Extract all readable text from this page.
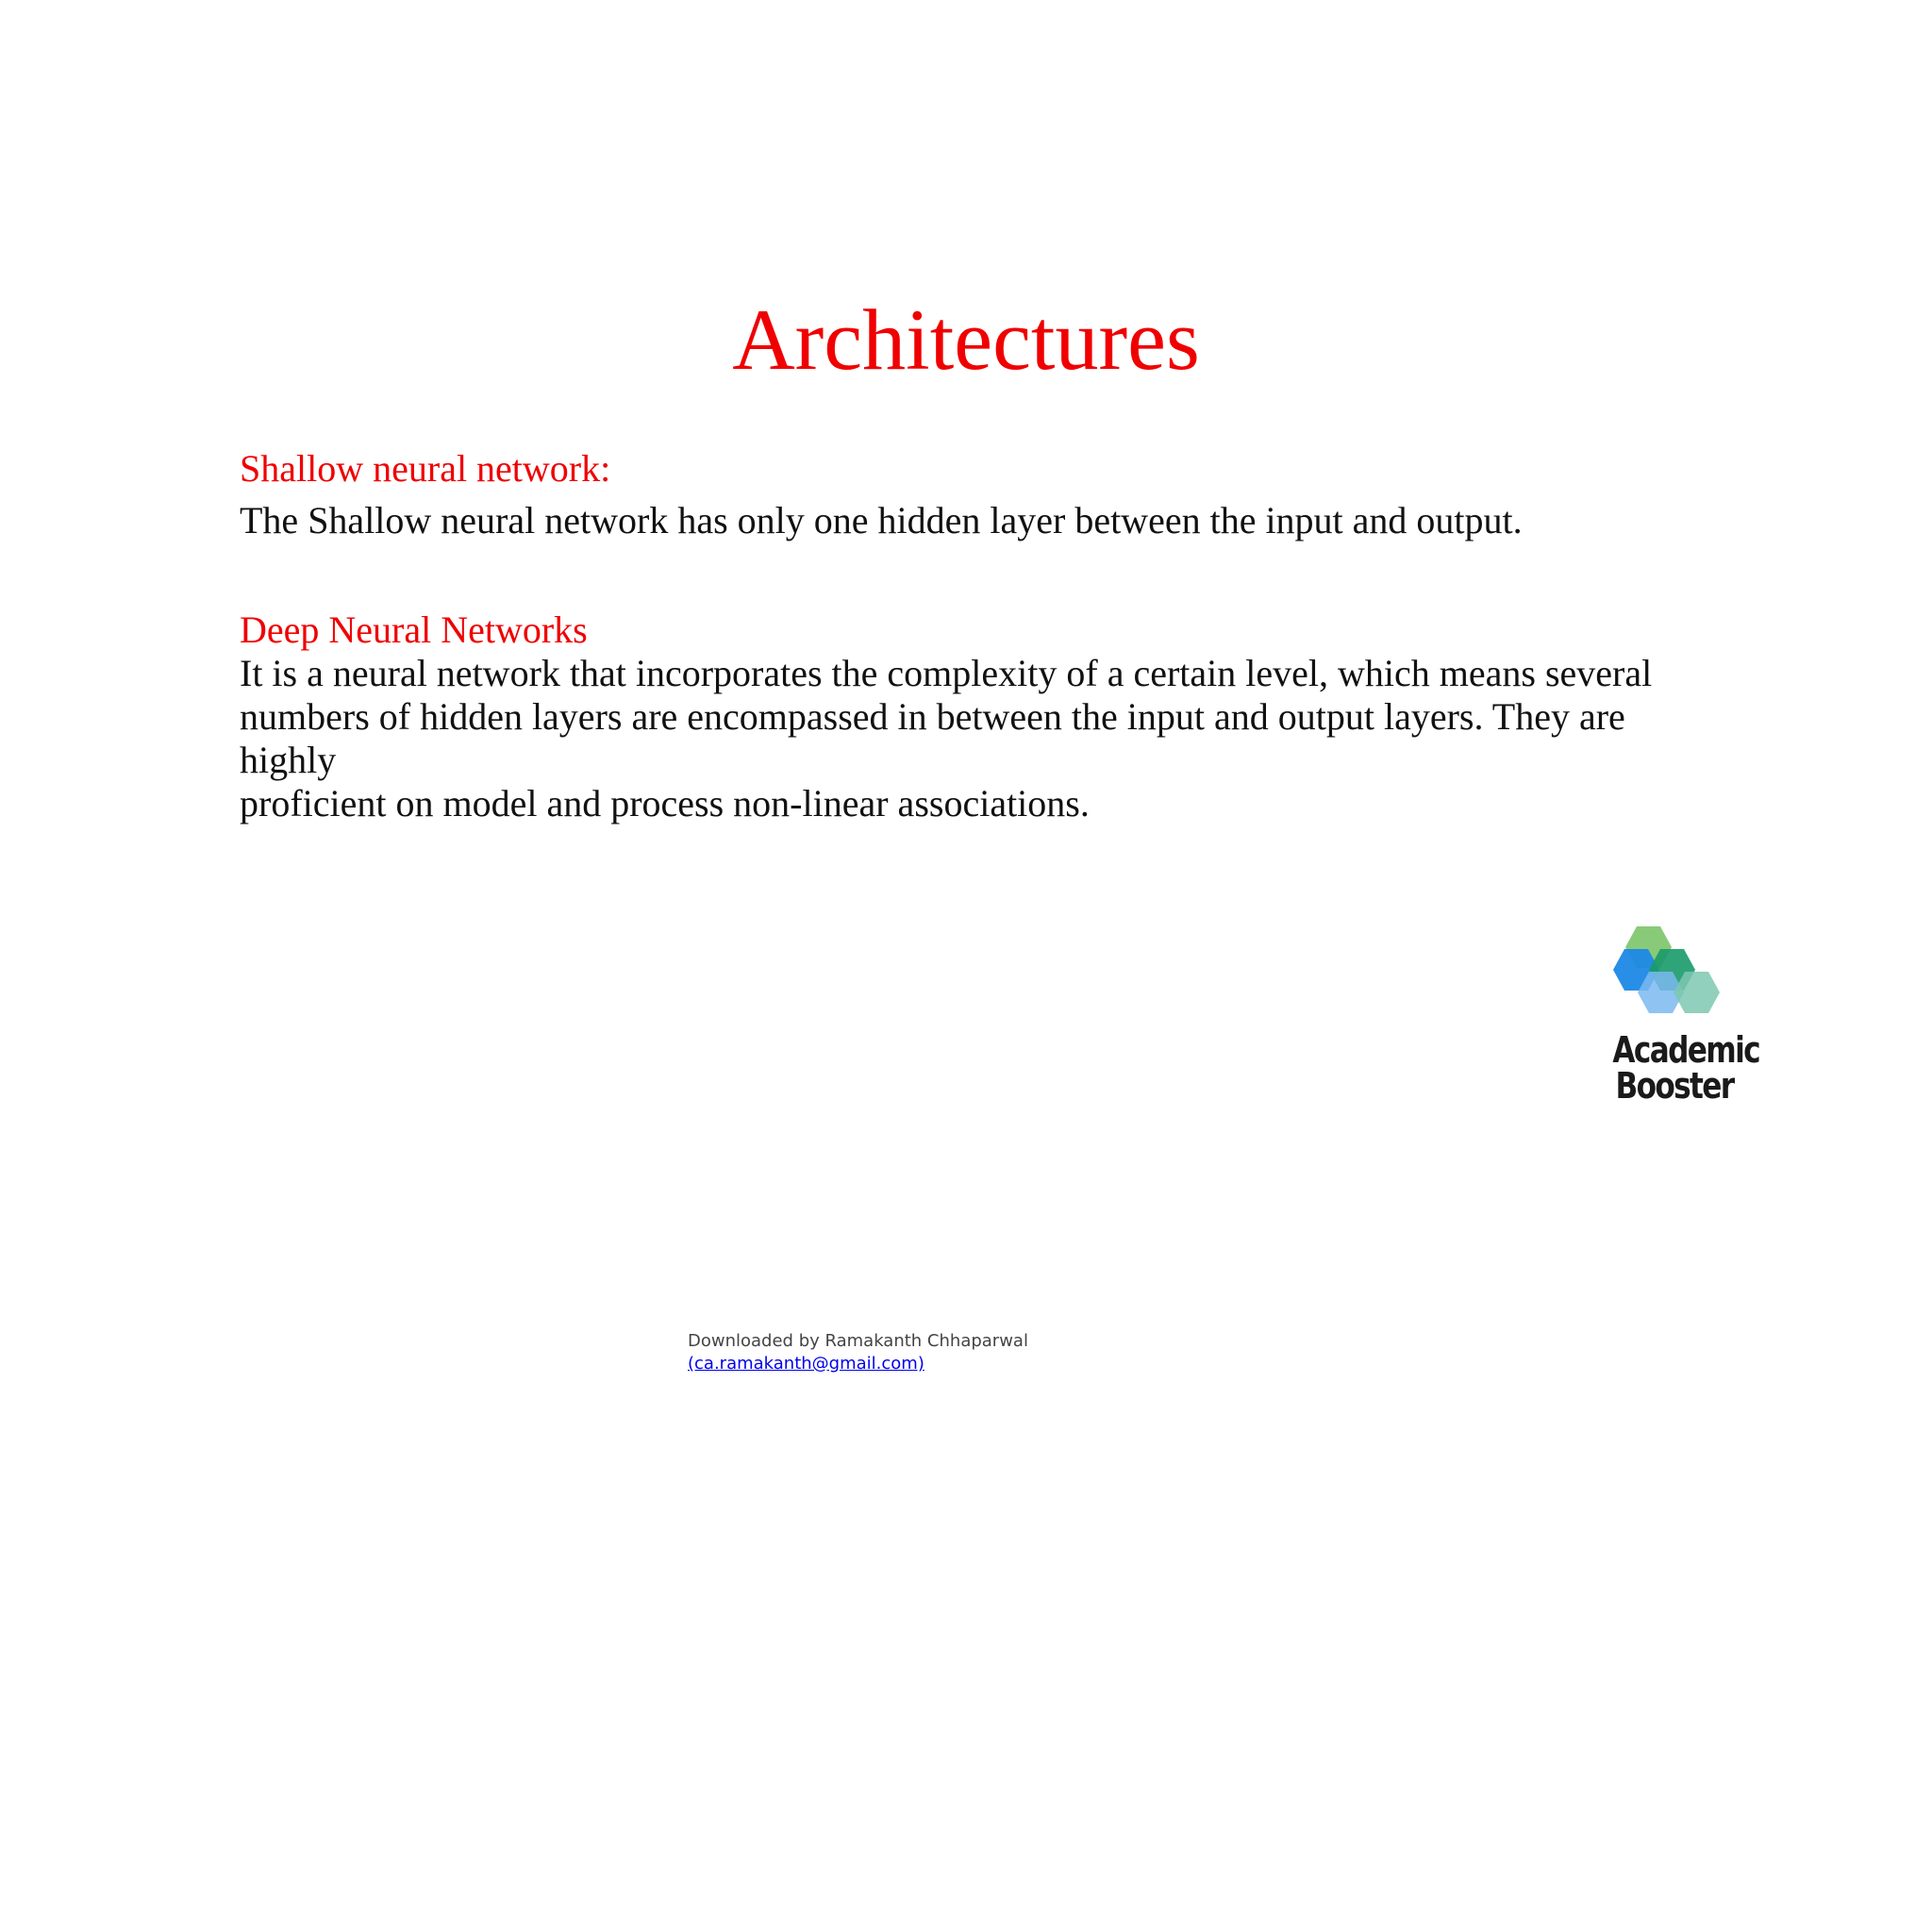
Architectures
Shallow neural network:

The Shallow neural network has only one hidden layer between the input and output.

Deep Neural Networks

It is a neural network that incorporates the complexity of a certain level, which means several
numbers of hidden layers are encompassed in between the input and output layers. They are highly
proficient on model and process non-linear associations.

Academic
Booster
Downloaded by Ramakanth Chhaparwal
(ca.ramakanth@gmail.com)
